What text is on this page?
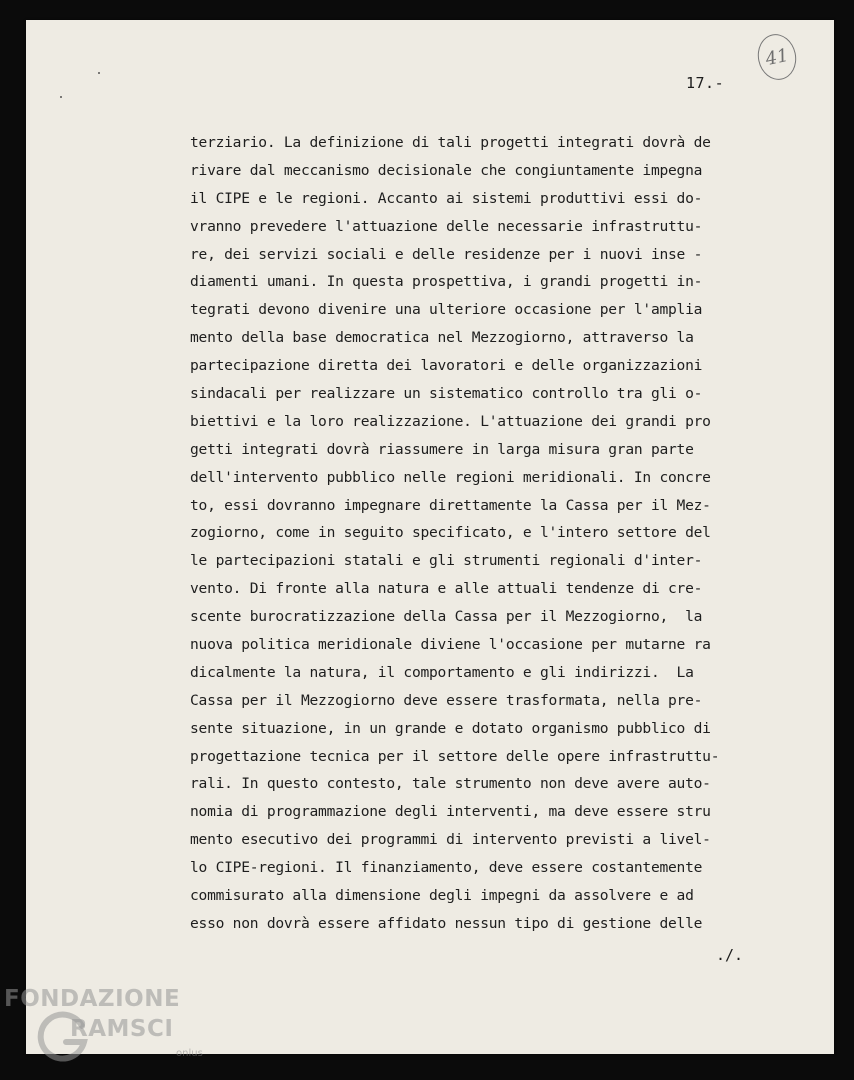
41
17.-
terziario. La definizione di tali progetti integrati dovrà de
rivare dal meccanismo decisionale che congiuntamente impegna
il CIPE e le regioni. Accanto ai sistemi produttivi essi do-
vranno prevedere l'attuazione delle necessarie infrastruttu-
re, dei servizi sociali e delle residenze per i nuovi inse -
diamenti umani. In questa prospettiva, i grandi progetti in-
tegrati devono divenire una ulteriore occasione per l'amplia
mento della base democratica nel Mezzogiorno, attraverso la
partecipazione diretta dei lavoratori e delle organizzazioni
sindacali per realizzare un sistematico controllo tra gli o-
biettivi e la loro realizzazione. L'attuazione dei grandi pro
getti integrati dovrà riassumere in larga misura gran parte
dell'intervento pubblico nelle regioni meridionali. In concre
to, essi dovranno impegnare direttamente la Cassa per il Mez-
zogiorno, come in seguito specificato, e l'intero settore del
le partecipazioni statali e gli strumenti regionali d'inter-
vento. Di fronte alla natura e alle attuali tendenze di cre-
scente burocratizzazione della Cassa per il Mezzogiorno,  la
nuova politica meridionale diviene l'occasione per mutarne ra
dicalmente la natura, il comportamento e gli indirizzi.  La
Cassa per il Mezzogiorno deve essere trasformata, nella pre-
sente situazione, in un grande e dotato organismo pubblico di
progettazione tecnica per il settore delle opere infrastruttu-
rali. In questo contesto, tale strumento non deve avere auto-
nomia di programmazione degli interventi, ma deve essere stru
mento esecutivo dei programmi di intervento previsti a livel-
lo CIPE-regioni. Il finanziamento, deve essere costantemente
commisurato alla dimensione degli impegni da assolvere e ad
esso non dovrà essere affidato nessun tipo di gestione delle
./.
FONDAZIONE
RAMSCI
onlus
